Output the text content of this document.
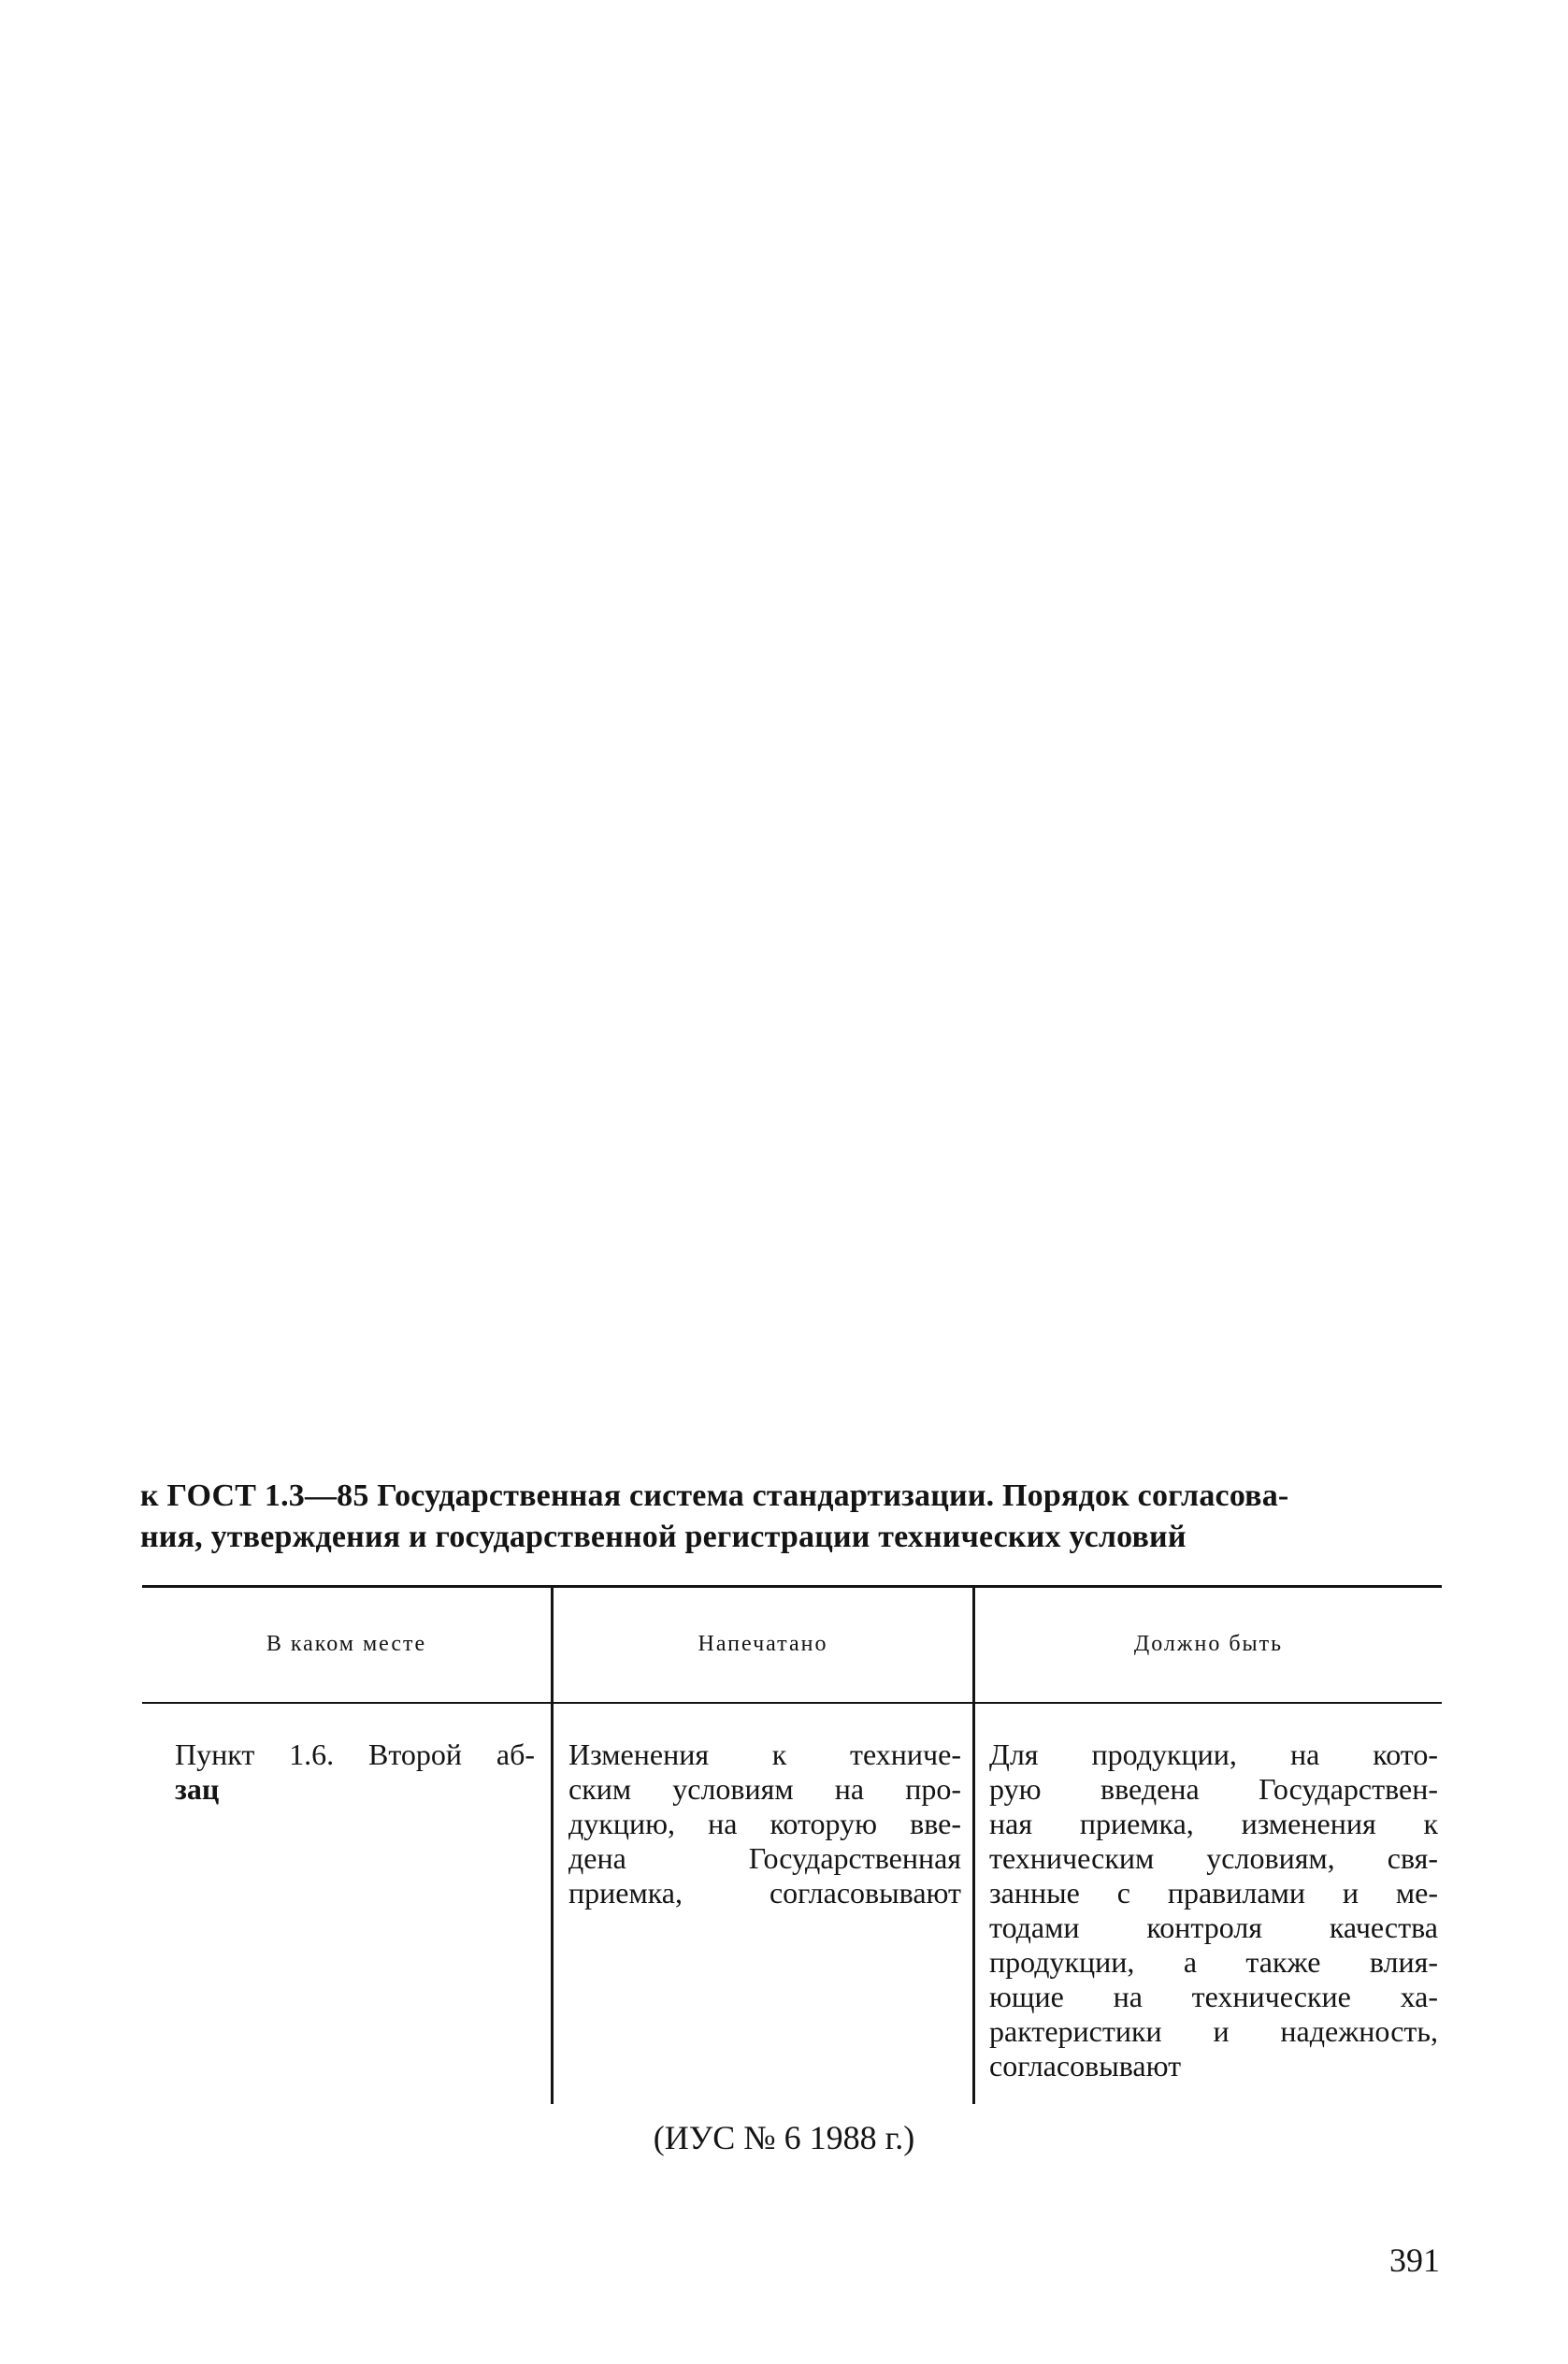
к ГОСТ 1.3—85 Государственная система стандартизации. Порядок согласова-
ния, утверждения и государственной регистрации технических условий
В каком месте	Напечатано	Должно быть
Пункт 1.6. Второй аб-
зац
Изменения к техниче-
ским условиям на про-
дукцию, на которую вве-
дена Государственная
приемка, согласовывают
Для продукции, на кото-
рую введена Государствен-
ная приемка, изменения к
техническим условиям, свя-
занные с правилами и ме-
тодами контроля качества
продукции, а также влия-
ющие на технические ха-
рактеристики и надежность,
согласовывают
(ИУС № 6 1988 г.)
391
